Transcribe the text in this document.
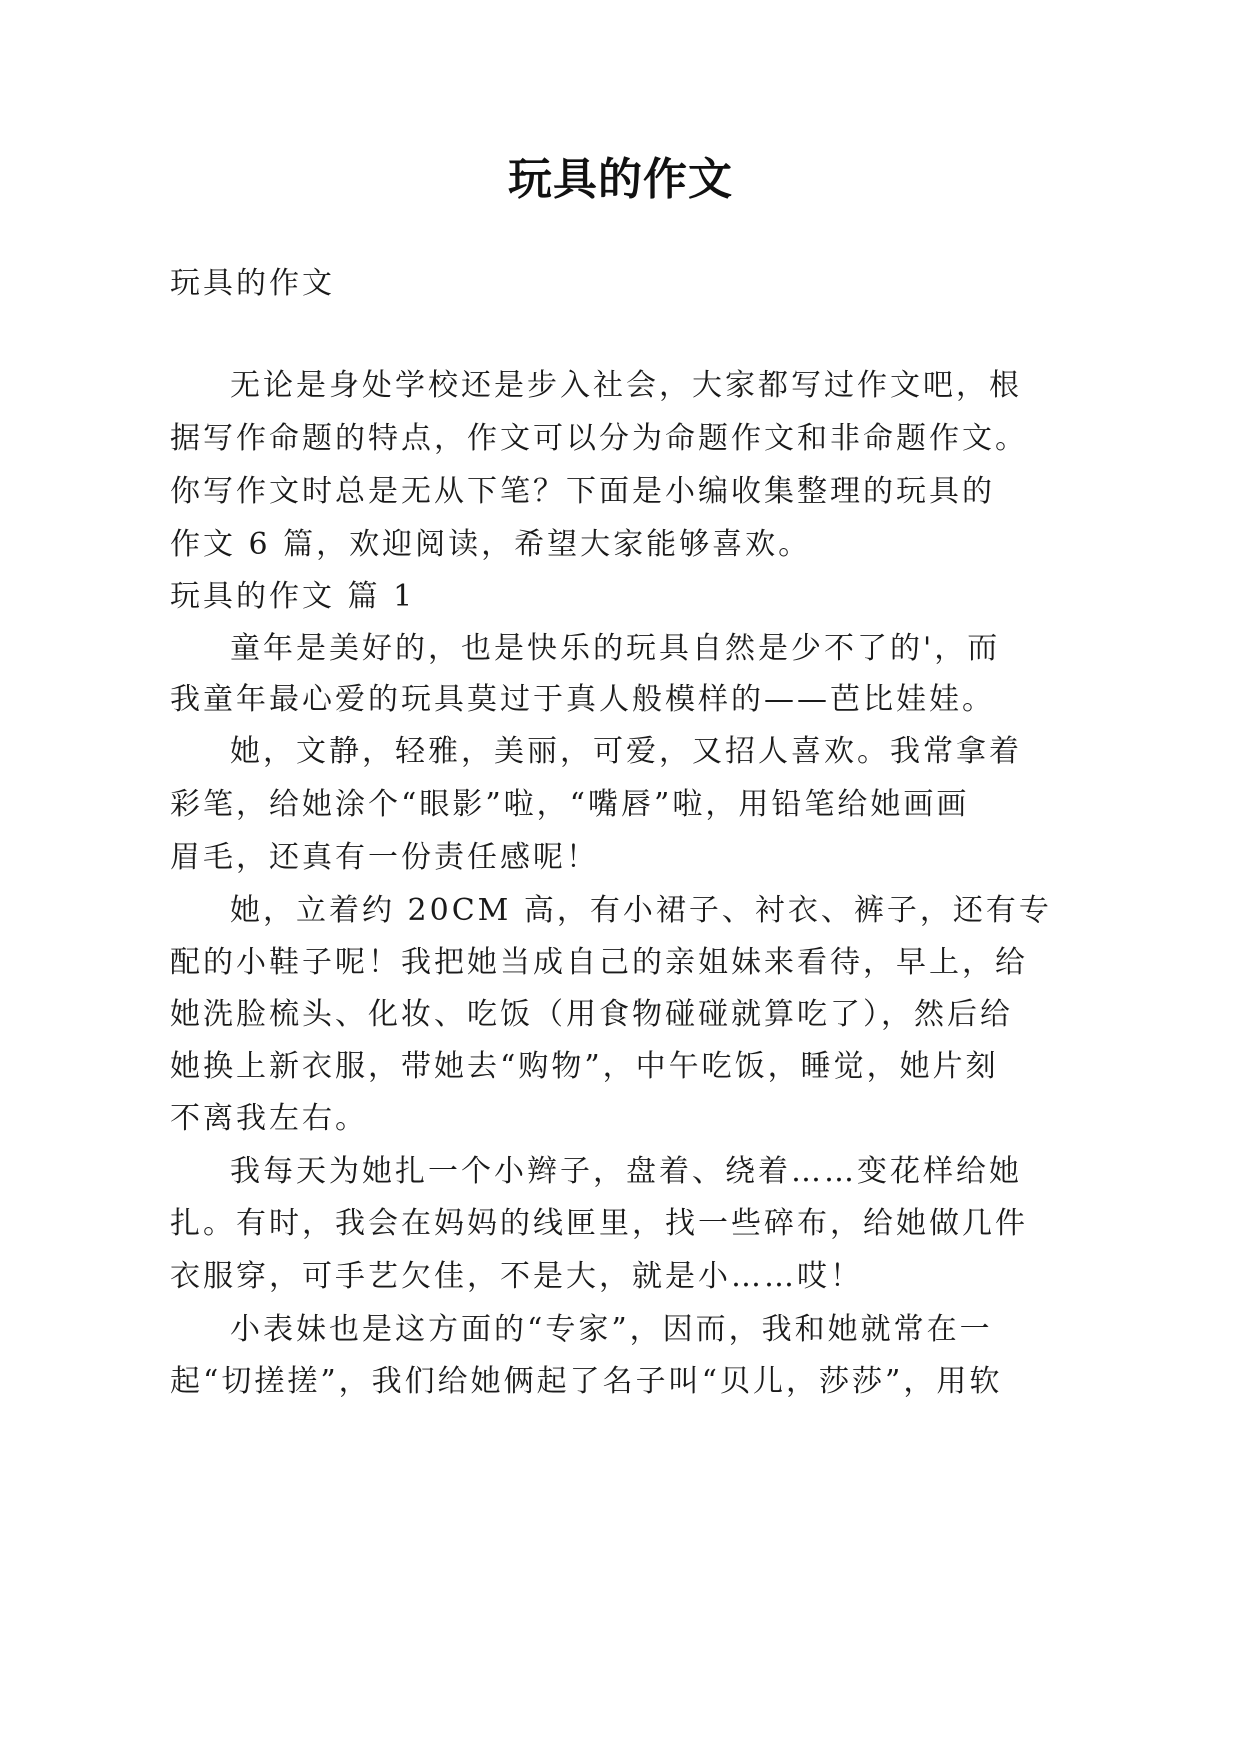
玩具的作文
玩具的作文
无论是身处学校还是步入社会，大家都写过作文吧，根
据写作命题的特点，作文可以分为命题作文和非命题作文。
你写作文时总是无从下笔？下面是小编收集整理的玩具的
作文 6 篇，欢迎阅读，希望大家能够喜欢。
玩具的作文 篇 1
童年是美好的，也是快乐的玩具自然是少不了的'，而
我童年最心爱的玩具莫过于真人般模样的——芭比娃娃。
她，文静，轻雅，美丽，可爱，又招人喜欢。我常拿着
彩笔，给她涂个“眼影”啦，“嘴唇”啦，用铅笔给她画画
眉毛，还真有一份责任感呢！
她，立着约 20CM 高，有小裙子、衬衣、裤子，还有专
配的小鞋子呢！我把她当成自己的亲姐妹来看待，早上，给
她洗脸梳头、化妆、吃饭（用食物碰碰就算吃了），然后给
她换上新衣服，带她去“购物”，中午吃饭，睡觉，她片刻
不离我左右。
我每天为她扎一个小辫子，盘着、绕着……变花样给她
扎。有时，我会在妈妈的线匣里，找一些碎布，给她做几件
衣服穿，可手艺欠佳，不是大，就是小……哎！
小表妹也是这方面的“专家”，因而，我和她就常在一
起“切搓搓”，我们给她俩起了名子叫“贝儿，莎莎”，用软
